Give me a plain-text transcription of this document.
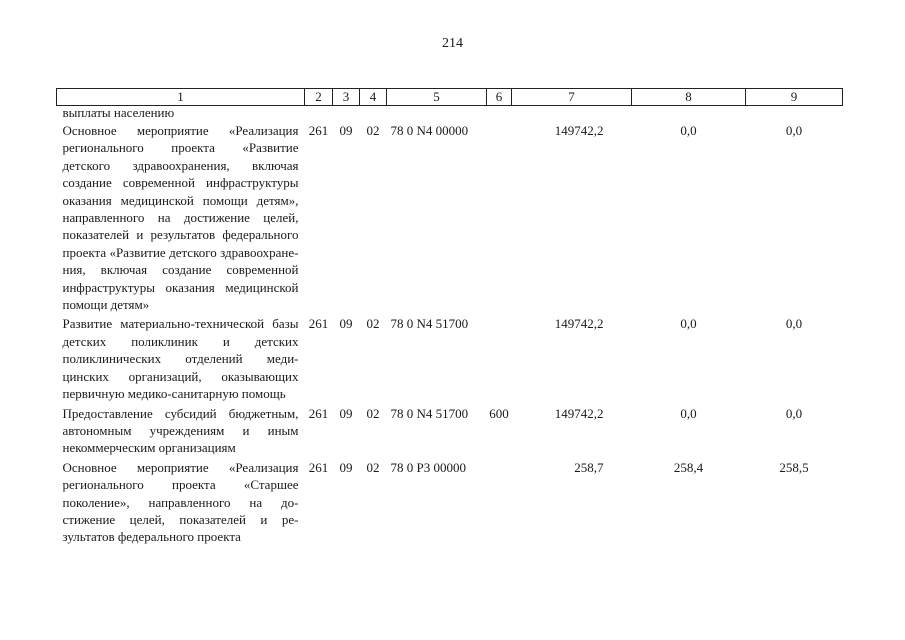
214
1	2	3	4	5	6	7	8	9
выплаты населению								
Основное мероприятие «Реализация регионального проекта «Развитие детского здравоохранения, включая создание современной инфраструктуры оказания медицинской помощи детям», направленного на достижение целей, показателей и результатов федерального проекта «Развитие детского здравоохранения, включая создание современной инфраструктуры оказания медицинской помощи детям»	261	09	02	78 0 N4 00000		149742,2	0,0	0,0
Развитие материально-технической базы детских поликлиник и детских поликлинических отделений медицинских организаций, оказывающих первичную медико-санитарную помощь	261	09	02	78 0 N4 51700		149742,2	0,0	0,0
Предоставление субсидий бюджетным, автономным учреждениям и иным некоммерческим организациям	261	09	02	78 0 N4 51700	600	149742,2	0,0	0,0
Основное мероприятие «Реализация регионального проекта «Старшее поколение», направленного на достижение целей, показателей и результатов федерального проекта	261	09	02	78 0 P3 00000		258,7	258,4	258,5
